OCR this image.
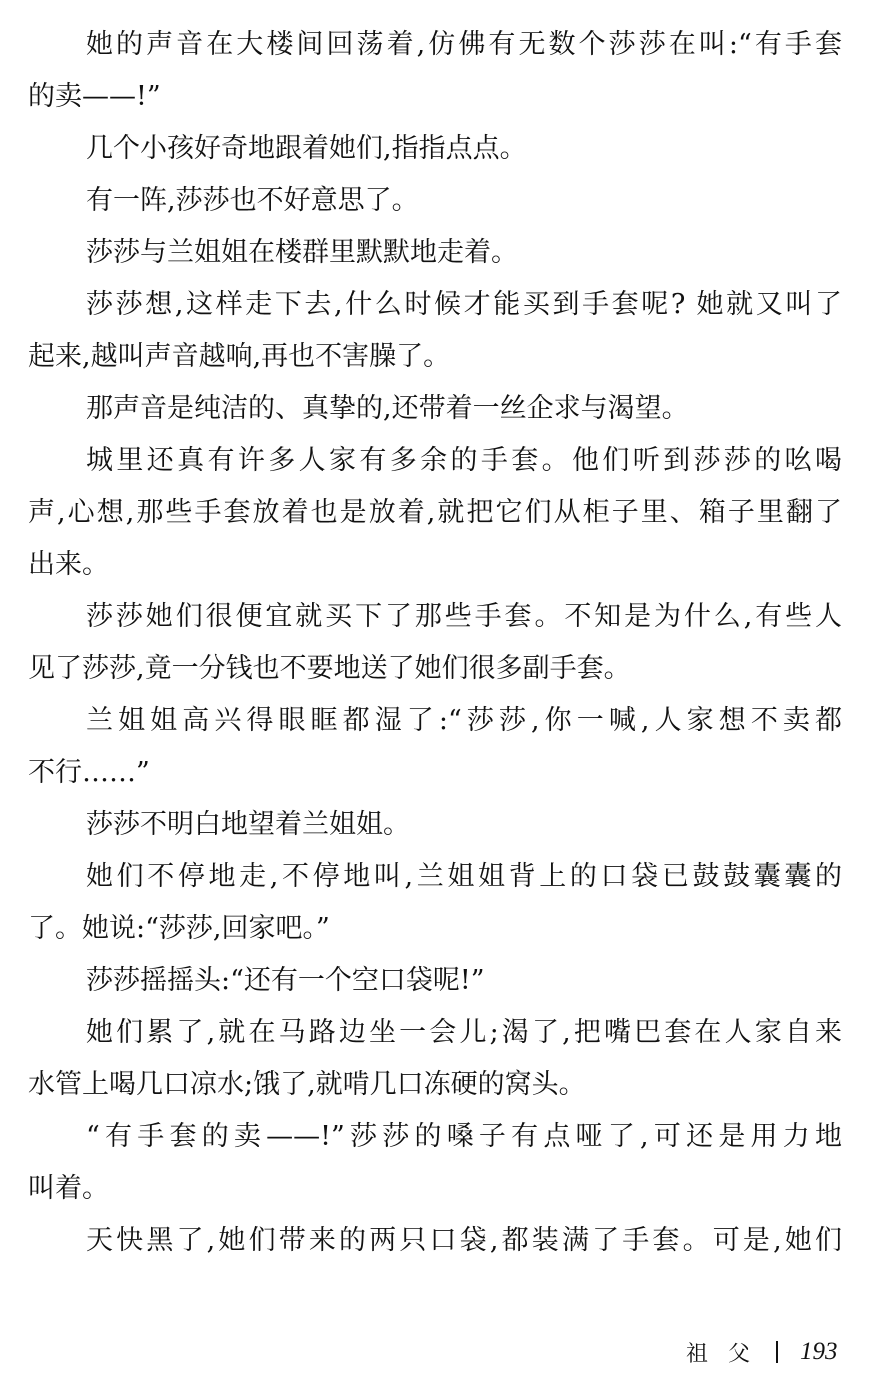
她的声音在大楼间回荡着,仿佛有无数个莎莎在叫:“有手套
的卖——!”
几个小孩好奇地跟着她们,指指点点。
有一阵,莎莎也不好意思了。
莎莎与兰姐姐在楼群里默默地走着。
莎莎想,这样走下去,什么时候才能买到手套呢? 她就又叫了
起来,越叫声音越响,再也不害臊了。
那声音是纯洁的、真挚的,还带着一丝企求与渴望。
城里还真有许多人家有多余的手套。他们听到莎莎的吆喝
声,心想,那些手套放着也是放着,就把它们从柜子里、箱子里翻了
出来。
莎莎她们很便宜就买下了那些手套。不知是为什么,有些人
见了莎莎,竟一分钱也不要地送了她们很多副手套。
兰姐姐高兴得眼眶都湿了:“莎莎,你一喊,人家想不卖都
不行……”
莎莎不明白地望着兰姐姐。
她们不停地走,不停地叫,兰姐姐背上的口袋已鼓鼓囊囊的
了。她说:“莎莎,回家吧。”
莎莎摇摇头:“还有一个空口袋呢!”
她们累了,就在马路边坐一会儿;渴了,把嘴巴套在人家自来
水管上喝几口凉水;饿了,就啃几口冻硬的窝头。
“有手套的卖——!”莎莎的嗓子有点哑了,可还是用力地
叫着。
天快黑了,她们带来的两只口袋,都装满了手套。可是,她们
祖父 193
